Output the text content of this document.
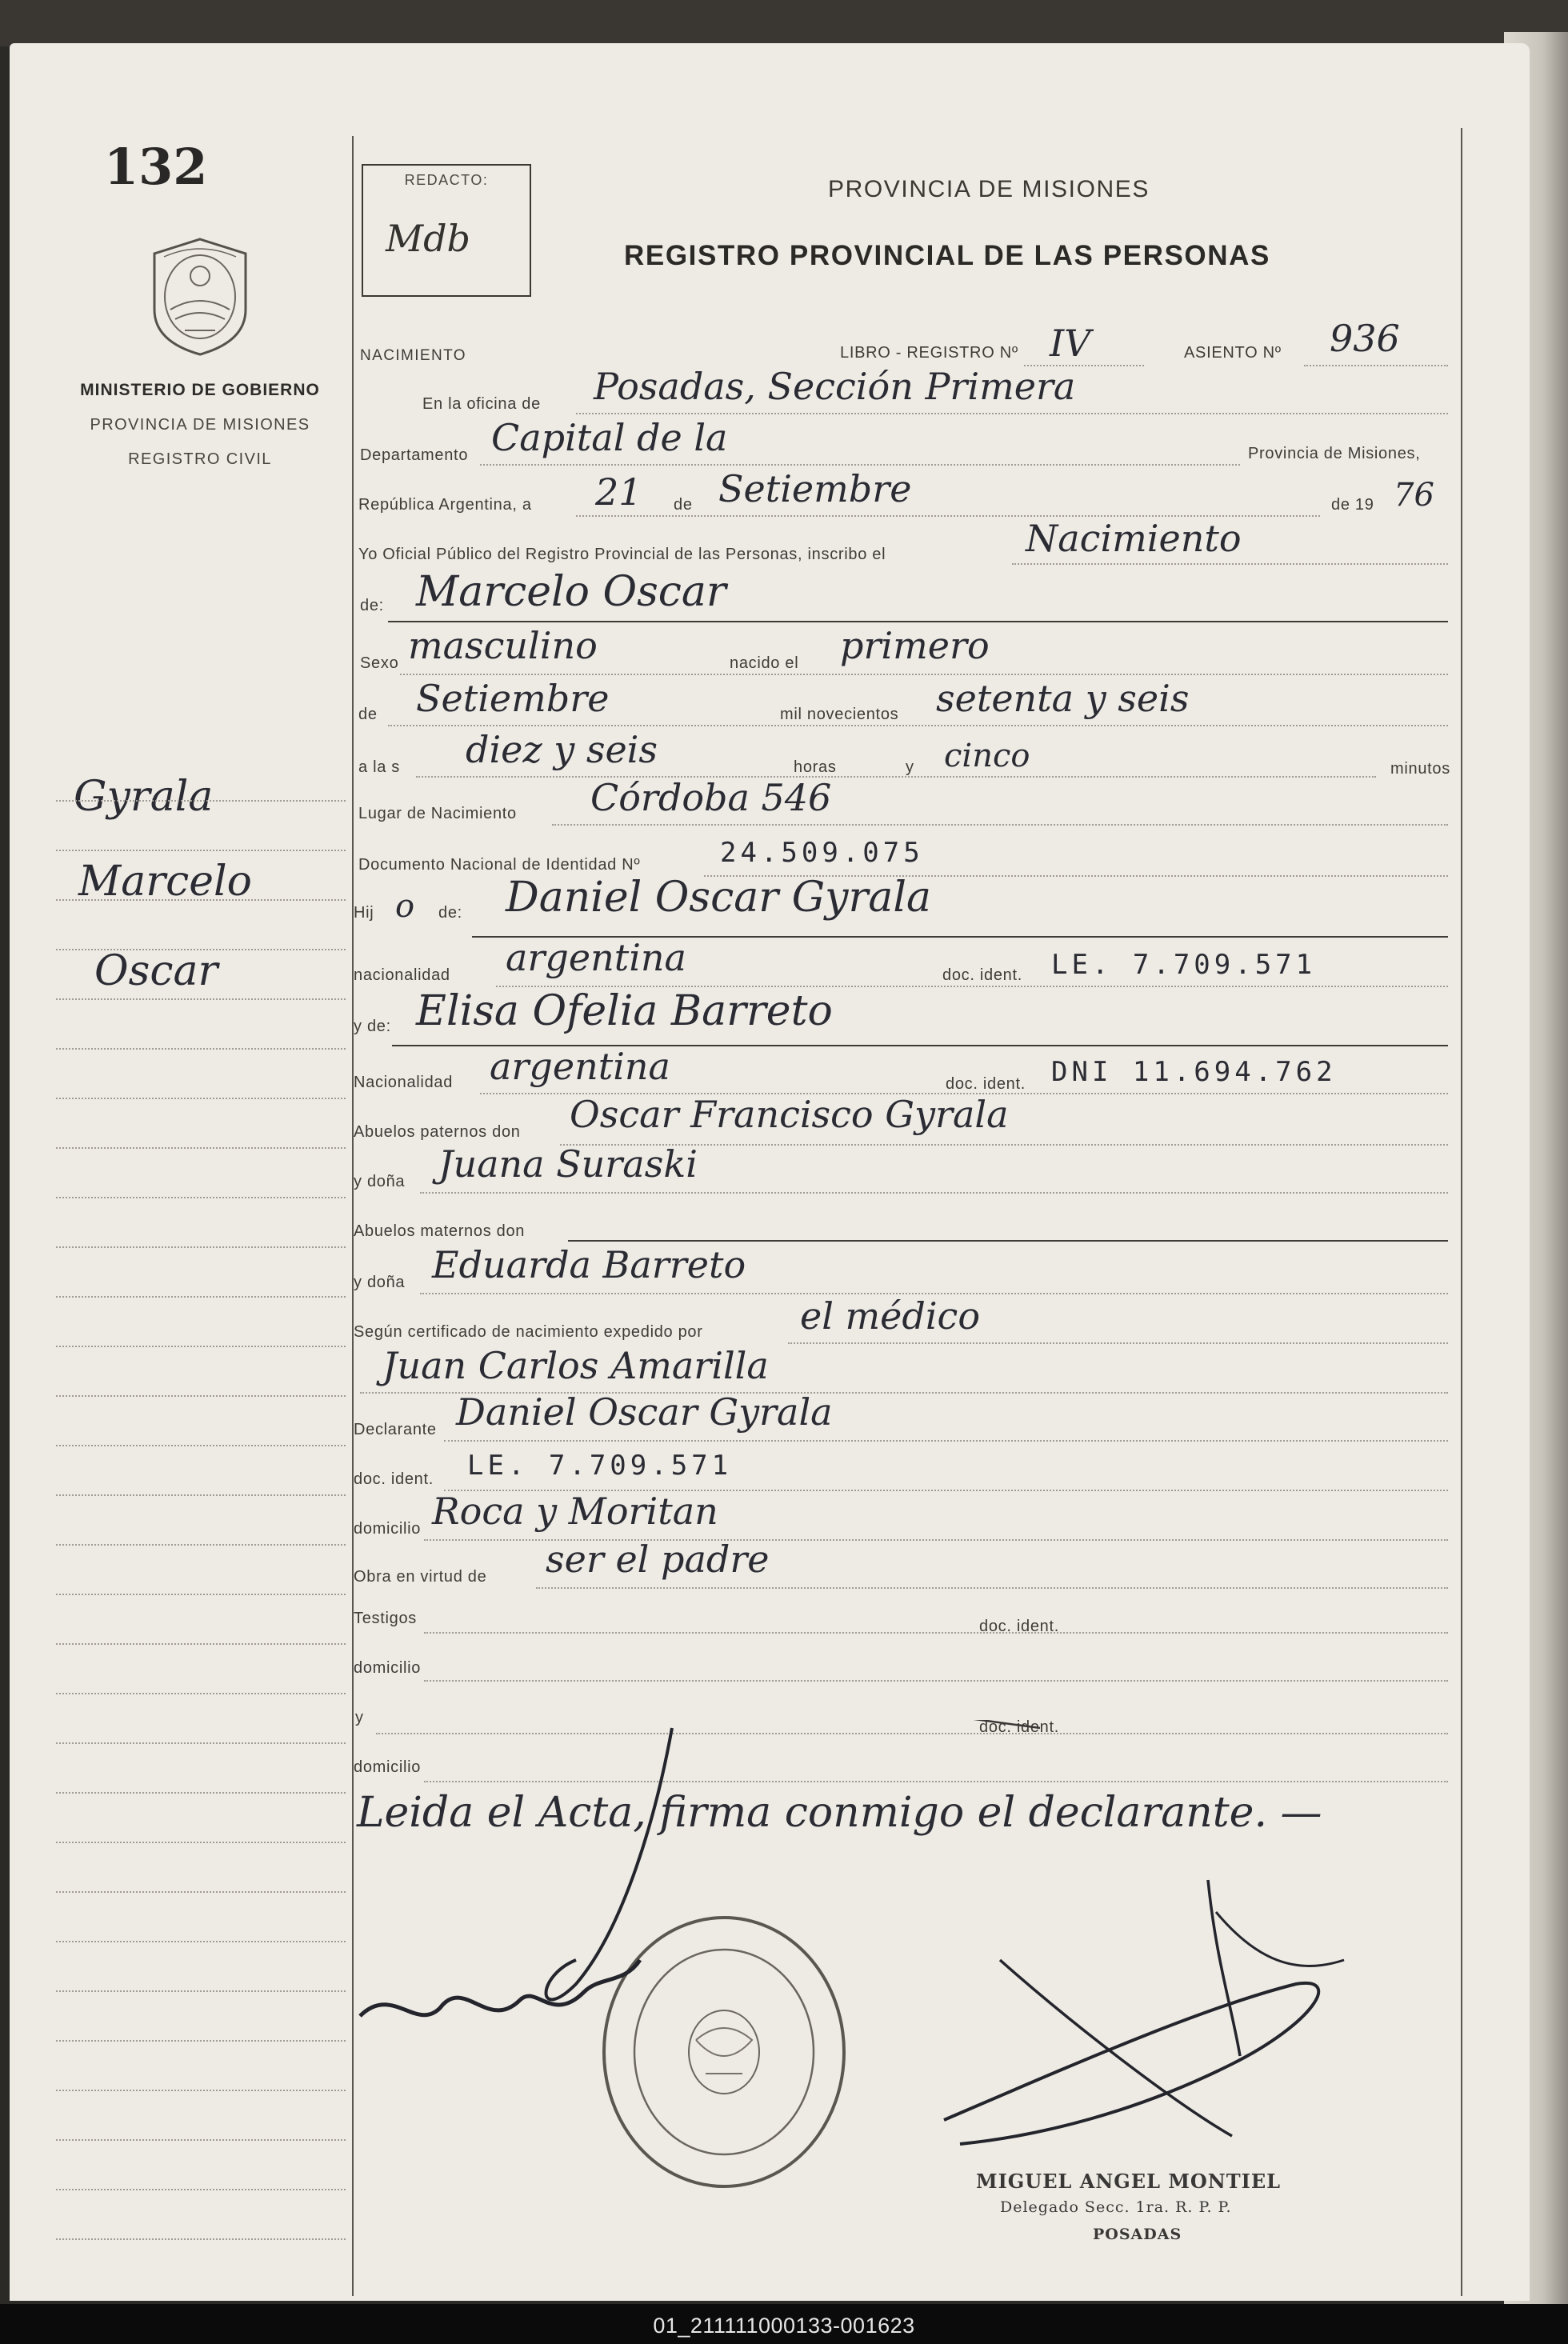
132
MINISTERIO DE GOBIERNO
PROVINCIA DE MISIONES
REGISTRO CIVIL
Gyrala
Marcelo
Oscar
REDACTO:
Mdb
PROVINCIA DE MISIONES
REGISTRO PROVINCIAL DE LAS PERSONAS
NACIMIENTO	LIBRO - REGISTRO Nº IV	ASIENTO Nº 936
En la oficina de Posadas, Sección Primera
Departamento Capital de la	Provincia de Misiones,
República Argentina, a 21 de Setiembre	de 19 76
Yo Oficial Público del Registro Provincial de las Personas, inscribo el	Nacimiento
de: Marcelo Oscar
Sexo masculino	nacido el primero
de Setiembre	mil novecientos setenta y seis
a la s diez y seis	horas	y cinco	minutos
Lugar de Nacimiento Córdoba 546
Documento Nacional de Identidad Nº	24.509.075
Hij o de: Daniel Oscar Gyrala
nacionalidad argentina	doc. ident. LE. 7.709.571
y de: Elisa Ofelia Barreto
Nacionalidad argentina	doc. ident. DNI 11.694.762
Abuelos paternos don Oscar Francisco Gyrala
y doña Juana Suraski
Abuelos maternos don
y doña Eduarda Barreto
Según certificado de nacimiento expedido por	el médico
Juan Carlos Amarilla
Declarante Daniel Oscar Gyrala
doc. ident. LE. 7.709.571
domicilio Roca y Moritan
Obra en virtud de ser el padre
Testigos	doc. ident.
domicilio
y
doc. ident.
domicilio
Leida el Acta, firma conmigo el declarante. —
MIGUEL ANGEL MONTIEL
Delegado Secc. 1ra. R. P. P.
POSADAS
01_211111000133-001623
